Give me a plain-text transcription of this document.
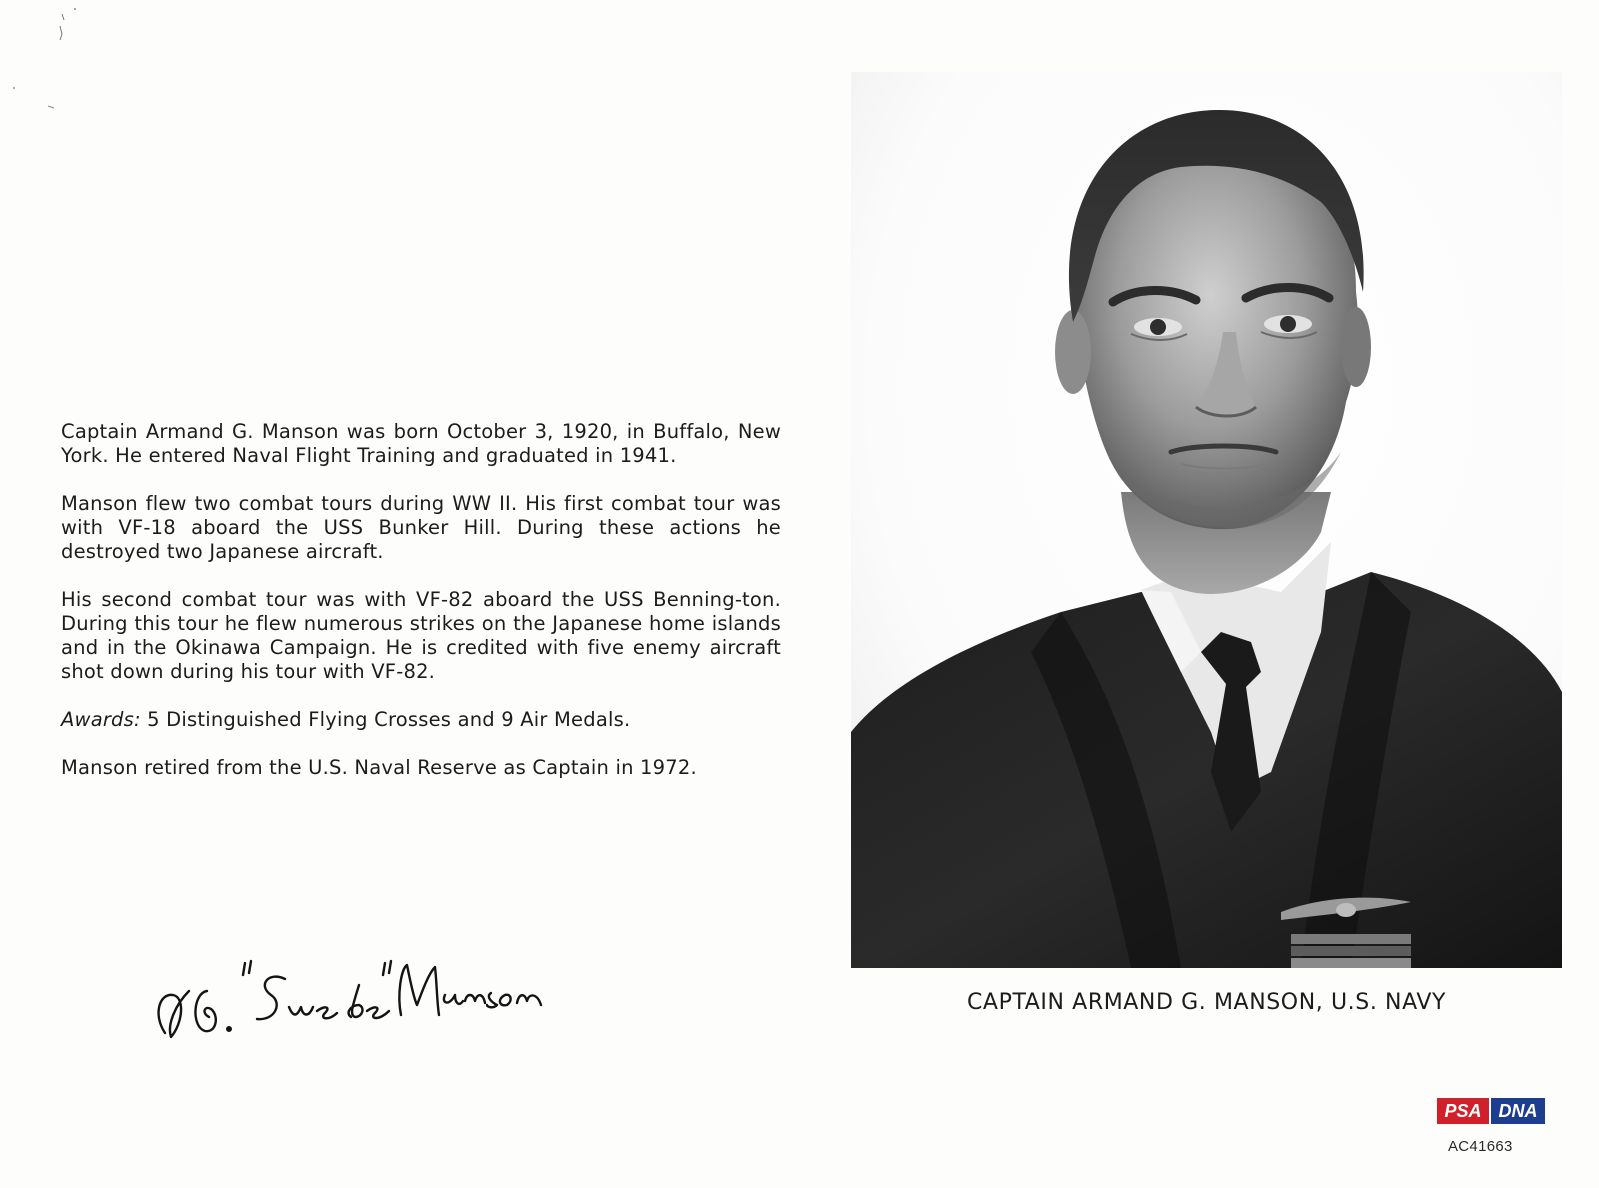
Captain Armand G. Manson was born October 3, 1920, in Buffalo, New York. He entered Naval Flight Training and graduated in 1941.

Manson flew two combat tours during WW II. His first combat tour was with VF-18 aboard the USS Bunker Hill. During these actions he destroyed two Japanese aircraft.

His second combat tour was with VF-82 aboard the USS Benning-ton. During this tour he flew numerous strikes on the Japanese home islands and in the Okinawa Campaign. He is credited with five enemy aircraft shot down during his tour with VF-82.

Awards: 5 Distinguished Flying Crosses and 9 Air Medals.

Manson retired from the U.S. Naval Reserve as Captain in 1972.

CAPTAIN ARMAND G. MANSON, U.S. NAVY
PSA DNA
AC41663
